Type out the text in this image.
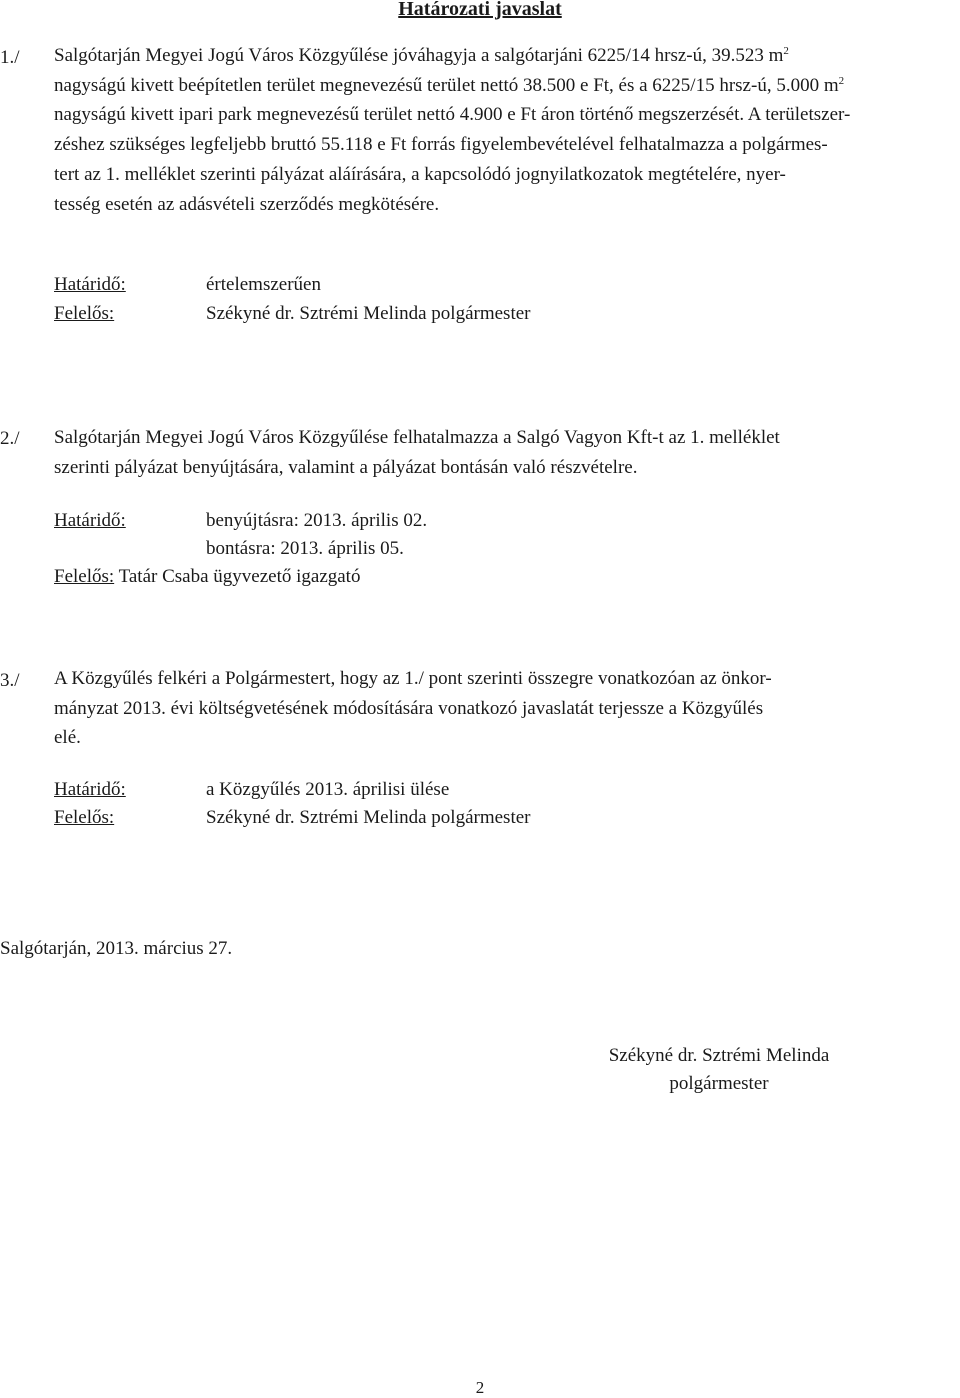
Határozati javaslat
1./ Salgótarján Megyei Jogú Város Közgyűlése jóváhagyja a salgótarjáni 6225/14 hrsz-ú, 39.523 $m^2$
nagyságú kivett beépítetlen terület megnevezésű terület nettó 38.500 e Ft, és a 6225/15 hrsz-ú, 5.000 $m^2$
nagyságú kivett ipari park megnevezésű terület nettó 4.900 e Ft áron történő megszerzését. A területszer-
zéshez szükséges legfeljebb bruttó 55.118 e Ft forrás figyelembevételével felhatalmazza a polgármes-
tert az 1. melléklet szerinti pályázat aláírására, a kapcsolódó jognyilatkozatok megtételére, nyer-
tesség esetén az adásvételi szerződés megkötésére.
Határidő:	értelemszerűen
Felelős:	Székyné dr. Sztrémi Melinda polgármester
2./ Salgótarján Megyei Jogú Város Közgyűlése felhatalmazza a Salgó Vagyon Kft-t az 1. melléklet
szerinti pályázat benyújtására, valamint a pályázat bontásán való részvételre.
Határidő:	benyújtásra: 2013. április 02.
bontásra: 2013. április 05.
Felelős: Tatár Csaba ügyvezető igazgató
3./ A Közgyűlés felkéri a Polgármestert, hogy az 1./ pont szerinti összegre vonatkozóan az önkor-
mányzat 2013. évi költségvetésének módosítására vonatkozó javaslatát terjessze a Közgyűlés
elé.
Határidő:	a Közgyűlés 2013. áprilisi ülése
Felelős:	Székyné dr. Sztrémi Melinda polgármester
Salgótarján, 2013. március 27.
Székyné dr. Sztrémi Melinda
polgármester
2
